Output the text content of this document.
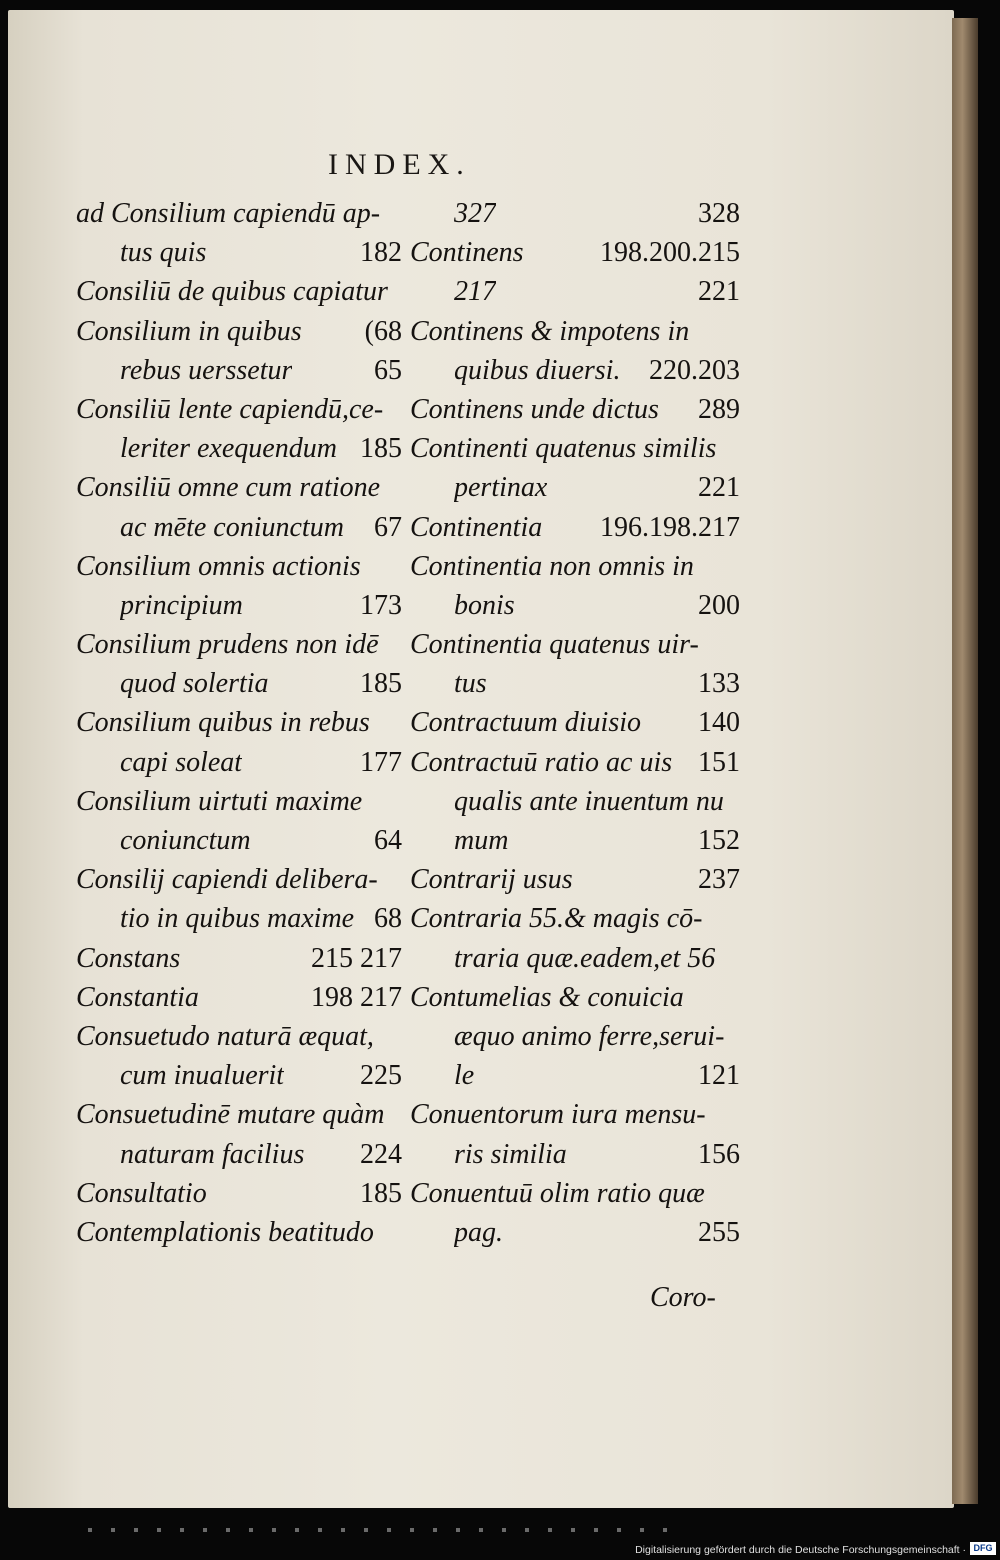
INDEX.
ad Consilium capiendū ap-
tus quis	182
Consiliū de quibus capiatur
Consilium in quibus (68
rebus uerssetur	65
Consiliū lente capiendū,ce-
leriter exequendum 185
Consiliū omne cum ratione
ac mēte coniunctum 67
Consilium omnis actionis
principium	173
Consilium prudens non idē
quod solertia	185
Consilium quibus in rebus
capi soleat	177
Consilium uirtuti maxime
coniunctum	64
Consilij capiendi delibera-
tio in quibus maxime 68
Constans	215 217
Constantia	198 217
Consuetudo naturā æquat,
cum inualuerit	225
Consuetudinē mutare quàm
naturam facilius 224
Consultatio	185
Contemplationis beatitudo
327	328
Continens	198.200.215
217	221
Continens & impotens in
quibus diuersi. 220.203
Continens unde dictus 289
Continenti quatenus similis
pertinax	221
Continentia 196.198.217
Continentia non omnis in
bonis	200
Continentia quatenus uir-
tus	133
Contractuum diuisio 140
Contractuū ratio ac uis 151
qualis ante inuentum nu
mum	152
Contrarij usus	237
Contraria 55.& magis cō-
traria quæ.eadem,et 56
Contumelias & conuicia
æquo animo ferre,serui-
le	121
Conuentorum iura mensu-
ris similia	156
Conuentuū olim ratio quæ
pag.	255
Coro-
Digitalisierung gefördert durch die Deutsche Forschungsgemeinschaft · DFG
